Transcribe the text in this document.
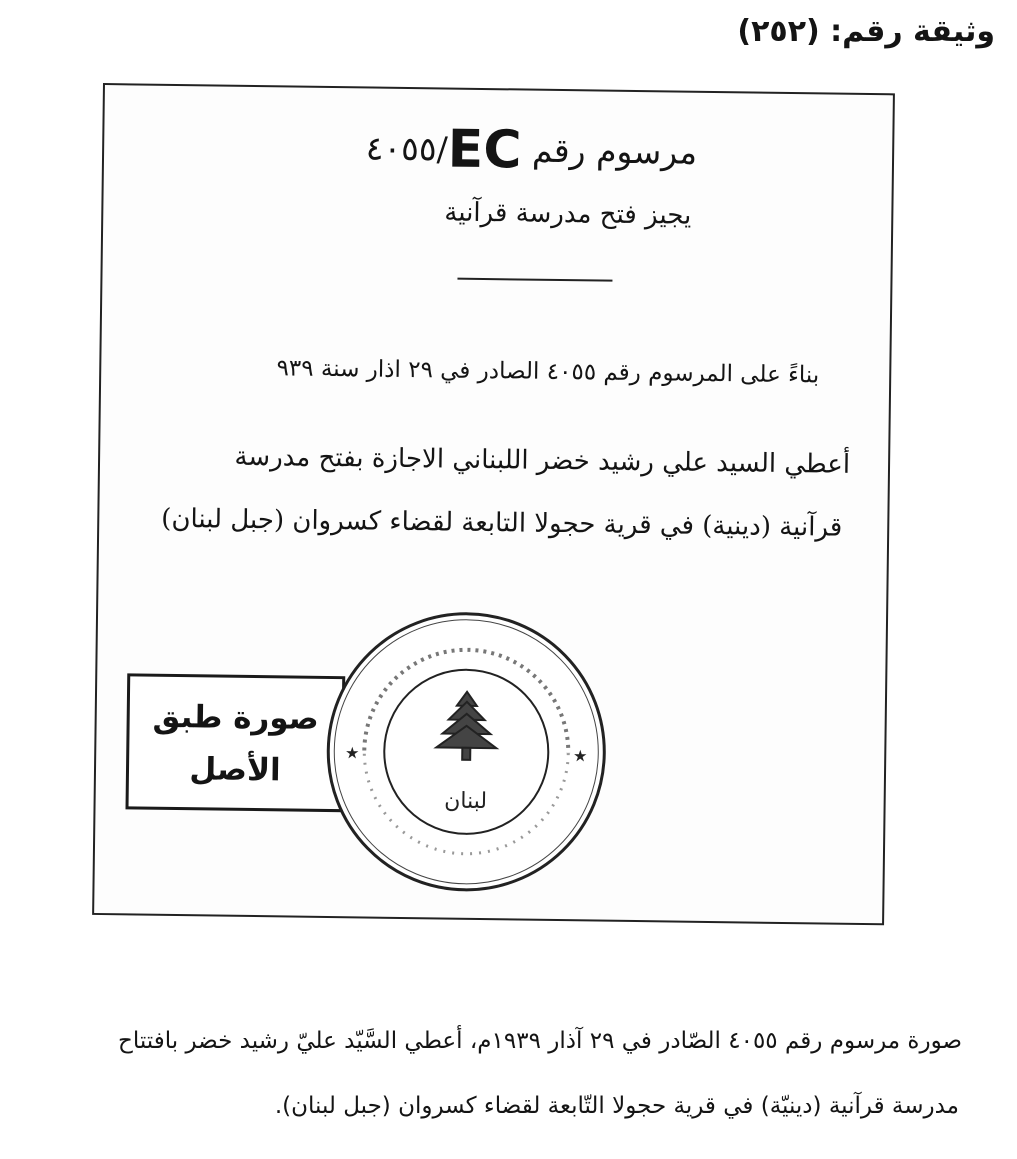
وثيقة رقم: (٢٥٢)
مرسوم رقم EC/٤٠٥٥
يجيز فتح مدرسة قرآنية
بناءً على المرسوم رقم ٤٠٥٥ الصادر في ٢٩ اذار سنة ٩٣٩
أعطي السيد علي رشيد خضر اللبناني الاجازة بفتح مدرسة
قرآنية (دينية) في قرية حجولا التابعة لقضاء كسروان (جبل لبنان)
صورة طبق
الأصل	★	★
لبنان
صورة مرسوم رقم ٤٠٥٥ الصّادر في ٢٩ آذار ١٩٣٩م، أعطي السَّيّد عليّ رشيد خضر بافتتاح
مدرسة قرآنية (دينيّة) في قرية حجولا التّابعة لقضاء كسروان (جبل لبنان).
